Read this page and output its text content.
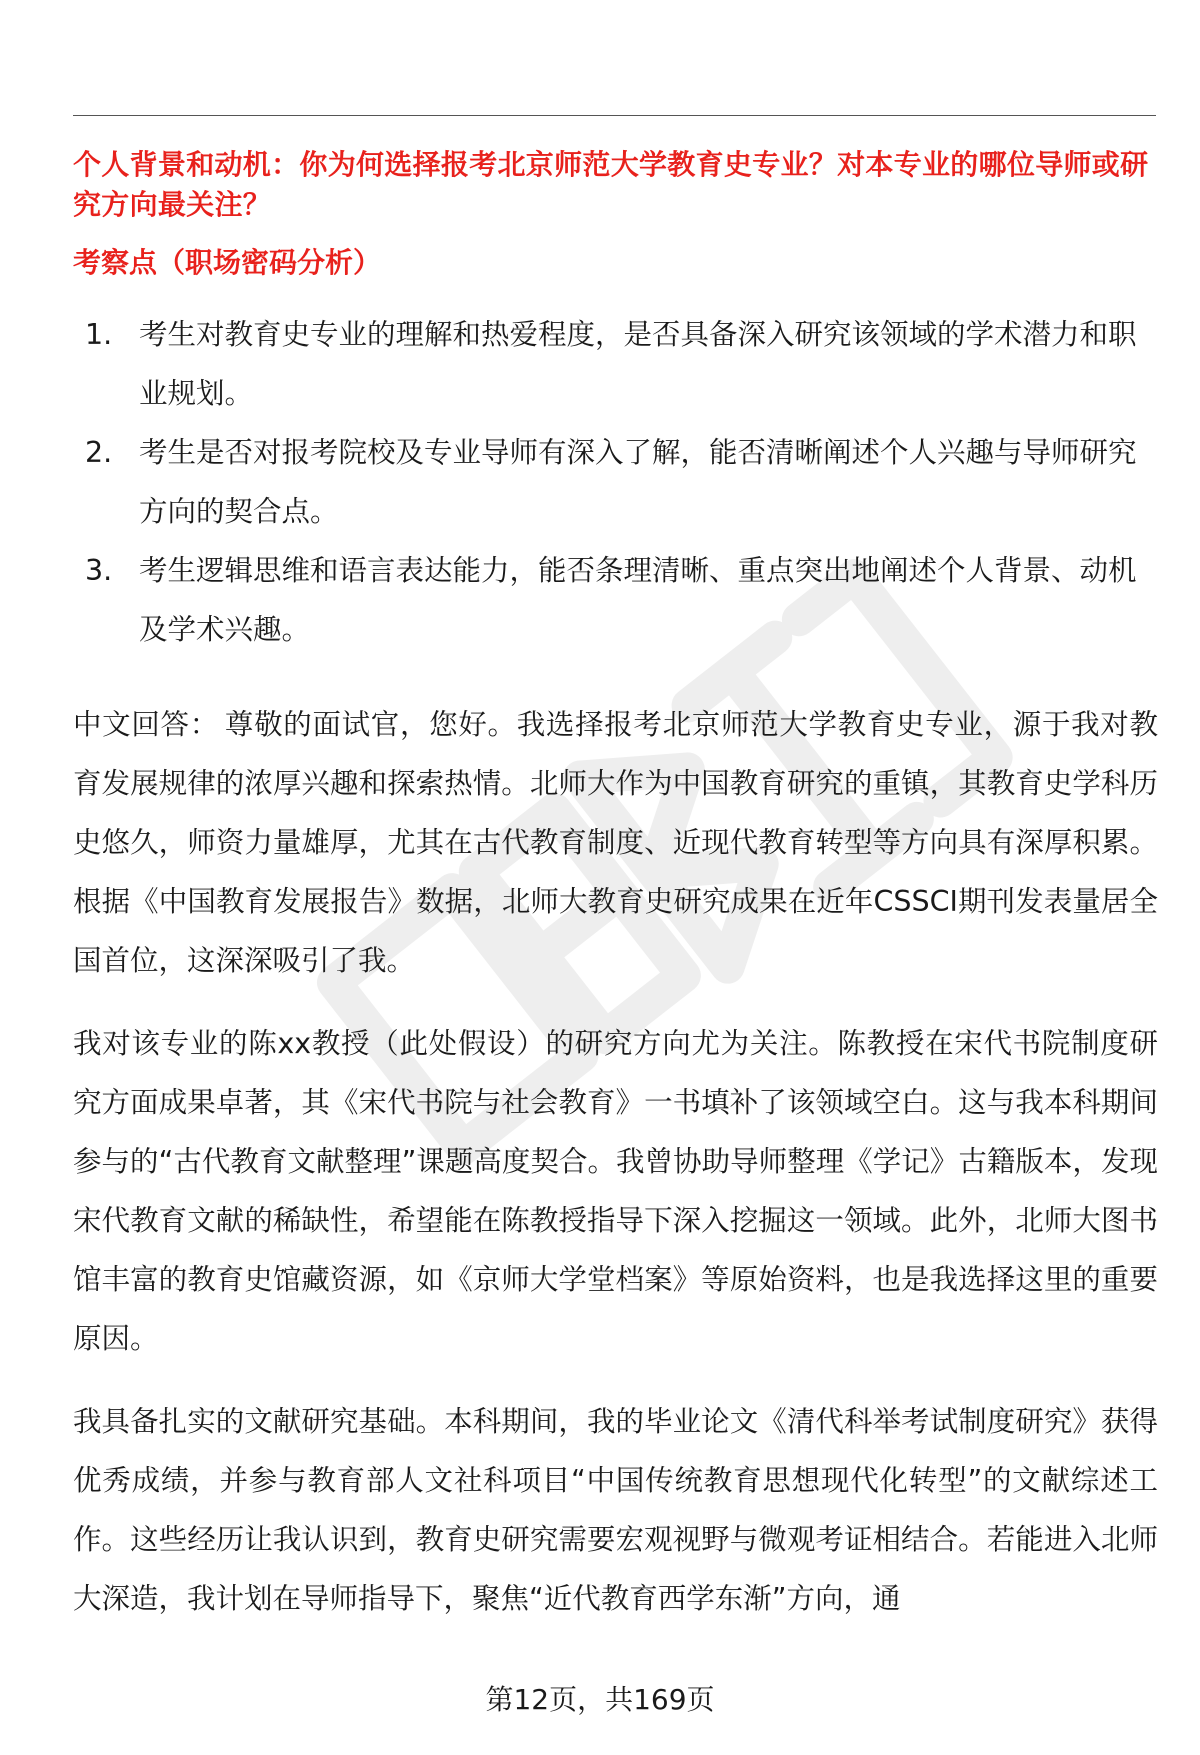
个人背景和动机：你为何选择报考北京师范大学教育史专业？对本专业的哪位导师或研究方向最关注？

考察点（职场密码分析）

1. 考生对教育史专业的理解和热爱程度，是否具备深入研究该领域的学术潜力和职业规划。
2. 考生是否对报考院校及专业导师有深入了解，能否清晰阐述个人兴趣与导师研究方向的契合点。
3. 考生逻辑思维和语言表达能力，能否条理清晰、重点突出地阐述个人背景、动机及学术兴趣。

中文回答： 尊敬的面试官，您好。我选择报考北京师范大学教育史专业，源于我对教育发展规律的浓厚兴趣和探索热情。北师大作为中国教育研究的重镇，其教育史学科历史悠久，师资力量雄厚，尤其在古代教育制度、近现代教育转型等方向具有深厚积累。根据《中国教育发展报告》数据，北师大教育史研究成果在近年CSSCI期刊发表量居全国首位，这深深吸引了我。

我对该专业的陈xx教授（此处假设）的研究方向尤为关注。陈教授在宋代书院制度研究方面成果卓著，其《宋代书院与社会教育》一书填补了该领域空白。这与我本科期间参与的“古代教育文献整理”课题高度契合。我曾协助导师整理《学记》古籍版本，发现宋代教育文献的稀缺性，希望能在陈教授指导下深入挖掘这一领域。此外，北师大图书馆丰富的教育史馆藏资源，如《京师大学堂档案》等原始资料，也是我选择这里的重要原因。

我具备扎实的文献研究基础。本科期间，我的毕业论文《清代科举考试制度研究》获得优秀成绩，并参与教育部人文社科项目“中国传统教育思想现代化转型”的文献综述工作。这些经历让我认识到，教育史研究需要宏观视野与微观考证相结合。若能进入北师大深造，我计划在导师指导下，聚焦“近代教育西学东渐”方向，通

第12页，共169页
